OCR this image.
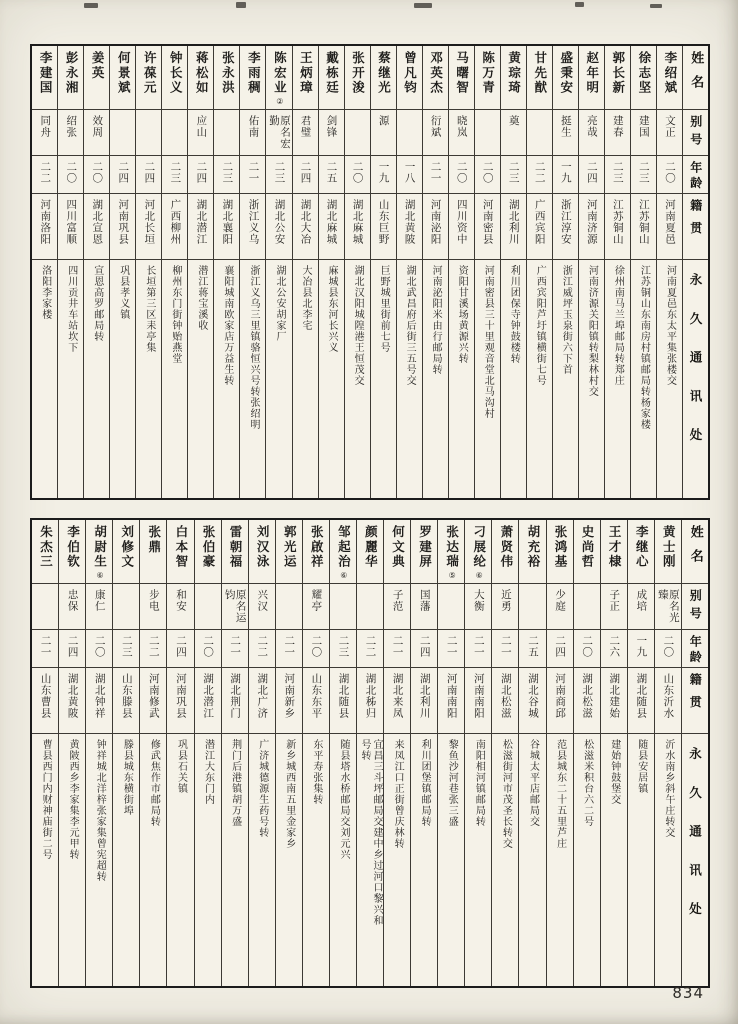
姓名
别号
年龄
籍贯
永久通讯处
李绍斌
文正
二〇
河南夏邑
河南夏邑东太平集张楼交
徐志坚
建国
二三
江苏铜山
江苏铜山东南房村镇邮局转杨家楼
郭长新
建春
二三
江苏铜山
徐州南马兰埠邮局转郑庄
赵年明
亮哉
二四
河南济源
河南济源关阳镇转梨林村交
盛秉安
挺生
一九
浙江淳安
浙江威坪玉泉街六下首
甘先猷
二二
广西宾阳
广西宾阳芦圩镇横街七号
黄琮琦
奠
二三
湖北利川
利川团保寺钟鼓楼转
陈万青
二〇
河南密县
河南密县三十里观音堂北马沟村
马曙智
晓岚
二〇
四川资中
资阳甘溪场黄源兴转
邓英杰
衍斌
二一
河南泌阳
河南泌阳米由行邮局转
曾凡钧
一八
湖北黄陂
湖北武昌府后街三五号交
蔡继光
源
一九
山东巨野
巨野城里街前七号
张开浚
二〇
湖北麻城
湖北汉阳城隍港王恒茂交
戴栋廷
剑锋
二五
湖北麻城
麻城县东河长兴义
王炳璋
君璧
二四
湖北大冶
大冶县北李宅
陈宏业②
原名宏勤
二三
湖北公安
湖北公安胡家厂
李雨稠
佑南
二一
浙江义乌
浙江义乌三里镇骆恒兴号转张绍明
张永洪
二三
湖北襄阳
襄阳城南欧家店万益生转
蒋松如
应山
二四
湖北潜江
潜江蒋宝溪收
钟长义
二三
广西柳州
柳州东门街钟贻燕堂
许葆元
二四
河北长垣
长垣第三区耒亭集
何景斌
二四
河南巩县
巩县孝义镇
姜英
效周
二〇
湖北宣恩
宣恩高罗邮局转
彭永湘
绍张
二〇
四川富顺
四川贡井车站坎下
李建国
同舟
二二
河南洛阳
洛阳李家楼
姓名
别号
年龄
籍贯
永久通讯处
黄士刚
原名光臻
二〇
山东沂水
沂水南乡斜午庄转交
李继心
成培
一九
湖北随县
随县安居镇
王才棣
子正
二六
湖北建始
建始钟鼓堡交
史尚哲
二〇
湖北松滋
松滋米积台六二号
张鸿基
少庭
二四
河南商邱
范县城东二十五里芦庄
胡充裕
二五
湖北谷城
谷城太平店邮局交
萧贤伟
近勇
二一
湖北松滋
松滋街河市茂圣长转交
刁展纶⑥
大衡
二一
河南南阳
南阳相河镇邮局转
张达瑞⑤
二一
河南南阳
黎鱼沙河巷张三盛
罗建屏
国藩
二四
湖北利川
利川团堡镇邮局转
何文典
子范
二一
湖北来凤
来凤江口正街曾庆林转
颜麗华
二二
湖北秭归
宜昌三斗坪邮局交建中乡过河口黎兴和号转
邹起治⑥
二三
湖北随县
随县塔水桥邮局交刘元兴
张啟祥
耀亭
二〇
山东东平
东平寿张集转
郭光运
二一
河南新乡
新乡城西南五里金家乡
刘汉泳
兴汉
二二
湖北广济
广济城德源生药号转
雷朝福
原名运钧
二一
湖北荆门
荆门后港镇胡万盛
张伯豪
二〇
湖北潜江
潜江大东门内
白本智
和安
二四
河南巩县
巩县石关镇
张鼎
步电
二二
河南修武
修武焦作市邮局转
刘修文
二三
山东滕县
滕县城东横街埠
胡尉生⑥
康仁
二〇
湖北钟祥
钟祥城北洋梓张家集曾宪超转
李伯钦
忠保
二四
湖北黄陂
黄陂西乡李家集李元甲转
朱杰三
二一
山东曹县
曹县西门内财神庙街二号
834
